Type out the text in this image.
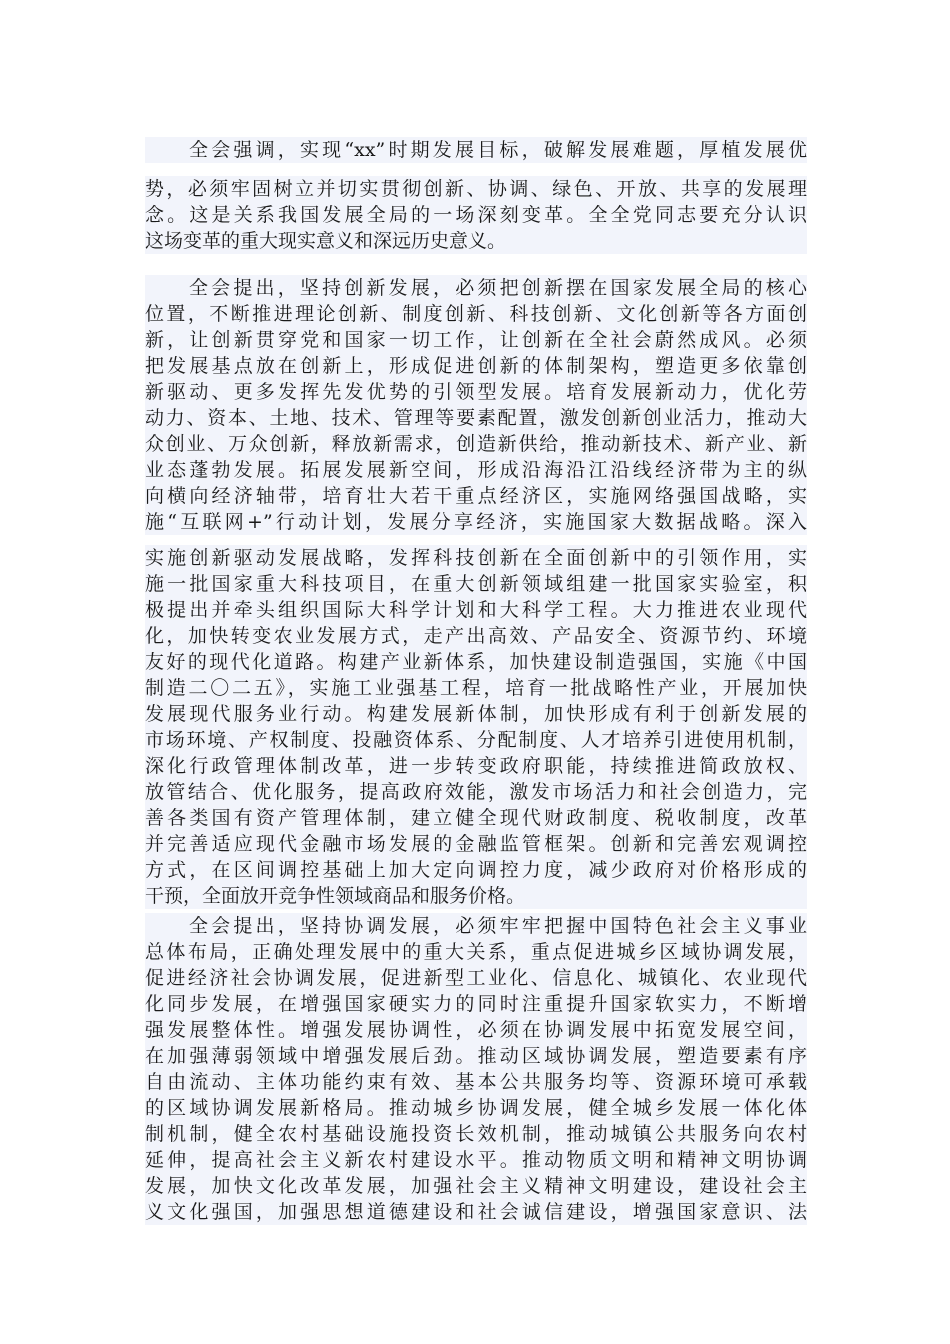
全会强调，实现“xx”时期发展目标，破解发展难题，厚植发展优
势，必须牢固树立并切实贯彻创新、协调、绿色、开放、共享的发展理
念。这是关系我国发展全局的一场深刻变革。全全党同志要充分认识
这场变革的重大现实意义和深远历史意义。
全会提出，坚持创新发展，必须把创新摆在国家发展全局的核心
位置，不断推进理论创新、制度创新、科技创新、文化创新等各方面创
新，让创新贯穿党和国家一切工作，让创新在全社会蔚然成风。必须
把发展基点放在创新上，形成促进创新的体制架构，塑造更多依靠创
新驱动、更多发挥先发优势的引领型发展。培育发展新动力，优化劳
动力、资本、土地、技术、管理等要素配置，激发创新创业活力，推动大
众创业、万众创新，释放新需求，创造新供给，推动新技术、新产业、新
业态蓬勃发展。拓展发展新空间，形成沿海沿江沿线经济带为主的纵
向横向经济轴带，培育壮大若干重点经济区，实施网络强国战略，实
施“互联网+”行动计划，发展分享经济，实施国家大数据战略。深入
实施创新驱动发展战略，发挥科技创新在全面创新中的引领作用，实
施一批国家重大科技项目，在重大创新领域组建一批国家实验室，积
极提出并牵头组织国际大科学计划和大科学工程。大力推进农业现代
化，加快转变农业发展方式，走产出高效、产品安全、资源节约、环境
友好的现代化道路。构建产业新体系，加快建设制造强国，实施《中国
制造二〇二五》，实施工业强基工程，培育一批战略性产业，开展加快
发展现代服务业行动。构建发展新体制，加快形成有利于创新发展的
市场环境、产权制度、投融资体系、分配制度、人才培养引进使用机制，
深化行政管理体制改革，进一步转变政府职能，持续推进简政放权、
放管结合、优化服务，提高政府效能，激发市场活力和社会创造力，完
善各类国有资产管理体制，建立健全现代财政制度、税收制度，改革
并完善适应现代金融市场发展的金融监管框架。创新和完善宏观调控
方式，在区间调控基础上加大定向调控力度，减少政府对价格形成的
干预，全面放开竞争性领域商品和服务价格。
全会提出，坚持协调发展，必须牢牢把握中国特色社会主义事业
总体布局，正确处理发展中的重大关系，重点促进城乡区域协调发展，
促进经济社会协调发展，促进新型工业化、信息化、城镇化、农业现代
化同步发展，在增强国家硬实力的同时注重提升国家软实力，不断增
强发展整体性。增强发展协调性，必须在协调发展中拓宽发展空间，
在加强薄弱领域中增强发展后劲。推动区域协调发展，塑造要素有序
自由流动、主体功能约束有效、基本公共服务均等、资源环境可承载
的区域协调发展新格局。推动城乡协调发展，健全城乡发展一体化体
制机制，健全农村基础设施投资长效机制，推动城镇公共服务向农村
延伸，提高社会主义新农村建设水平。推动物质文明和精神文明协调
发展，加快文化改革发展，加强社会主义精神文明建设，建设社会主
义文化强国，加强思想道德建设和社会诚信建设，增强国家意识、法
